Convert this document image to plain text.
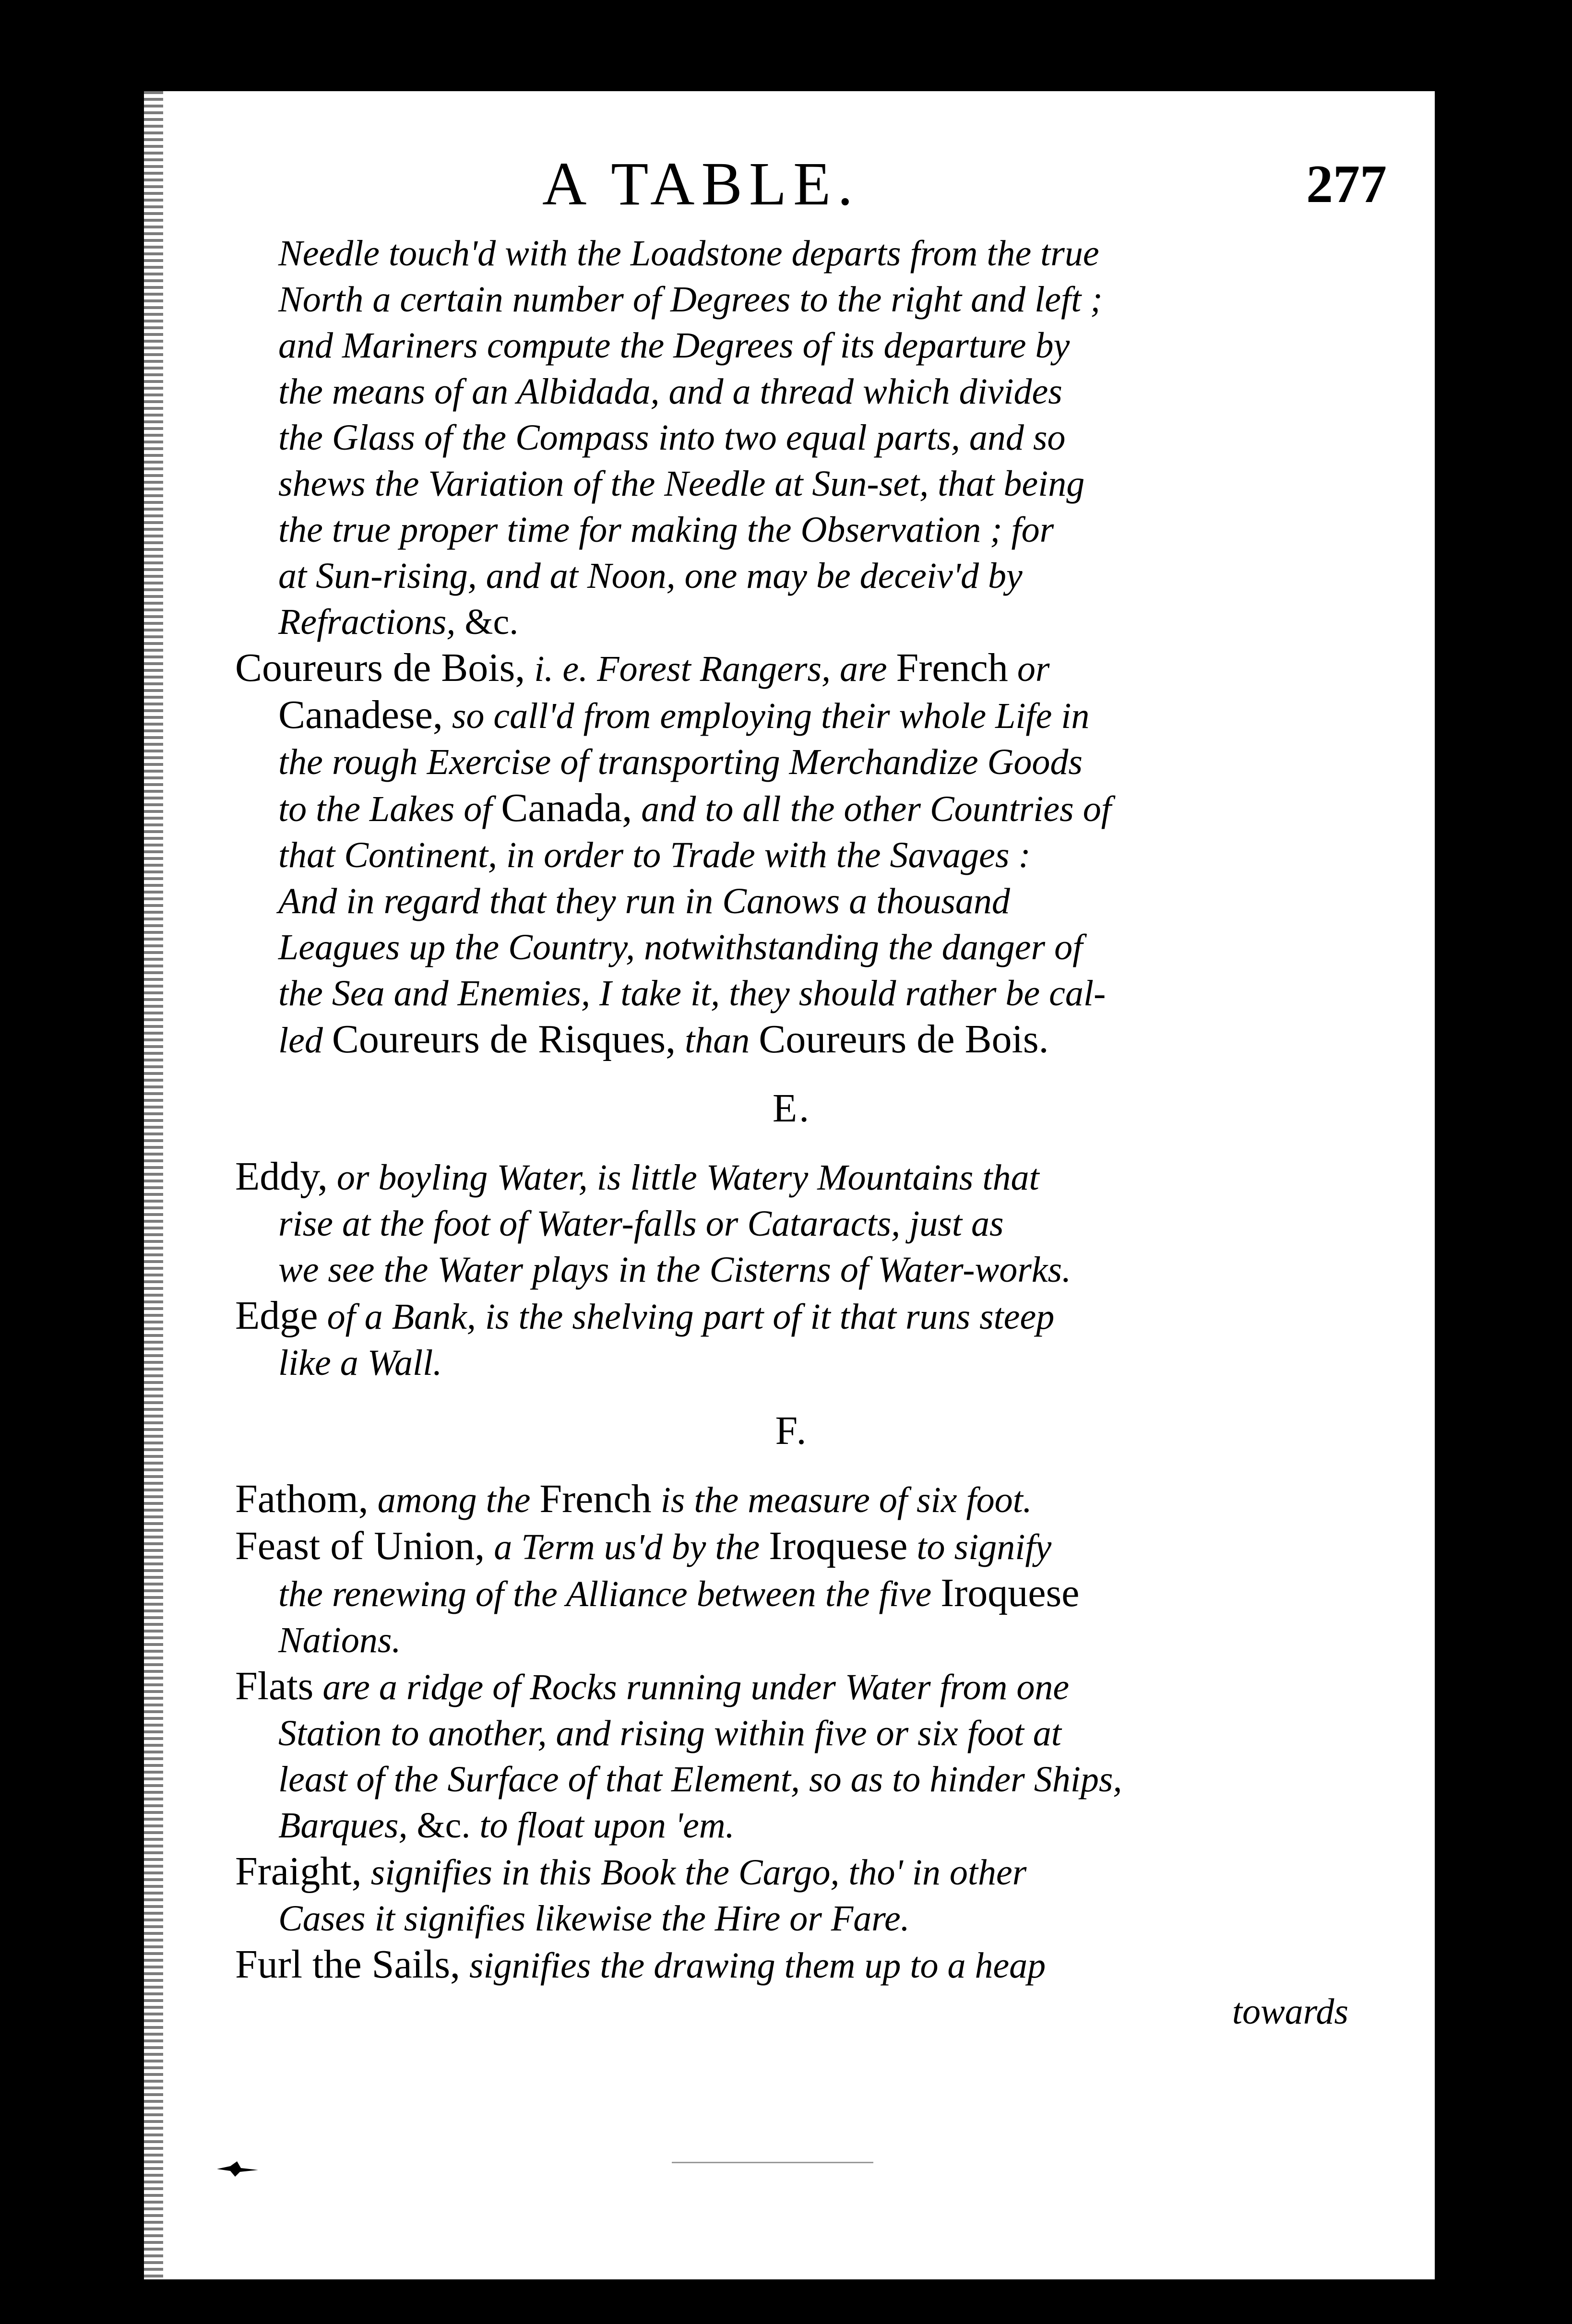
A TABLE.	277
Needle touch'd with the Loadstone departs from the true
North a certain number of Degrees to the right and left ;
and Mariners compute the Degrees of its departure by
the means of an Albidada, and a thread which divides
the Glass of the Compass into two equal parts, and so
shews the Variation of the Needle at Sun-set, that being
the true proper time for making the Observation ; for
at Sun-rising, and at Noon, one may be deceiv'd by
Refractions, &c.
Coureurs de Bois, i. e. Forest Rangers, are French or
Canadese, so call'd from employing their whole Life in
the rough Exercise of transporting Merchandize Goods
to the Lakes of Canada, and to all the other Countries of
that Continent, in order to Trade with the Savages :
And in regard that they run in Canows a thousand
Leagues up the Country, notwithstanding the danger of
the Sea and Enemies, I take it, they should rather be cal-
led Coureurs de Risques, than Coureurs de Bois.
E.
Eddy, or boyling Water, is little Watery Mountains that
rise at the foot of Water-falls or Cataracts, just as
we see the Water plays in the Cisterns of Water-works.
Edge of a Bank, is the shelving part of it that runs steep
like a Wall.
F.
Fathom, among the French is the measure of six foot.
Feast of Union, a Term us'd by the Iroquese to signify
the renewing of the Alliance between the five Iroquese
Nations.
Flats are a ridge of Rocks running under Water from one
Station to another, and rising within five or six foot at
least of the Surface of that Element, so as to hinder Ships,
Barques, &c. to float upon 'em.
Fraight, signifies in this Book the Cargo, tho' in other
Cases it signifies likewise the Hire or Fare.
Furl the Sails, signifies the drawing them up to a heap
towards
